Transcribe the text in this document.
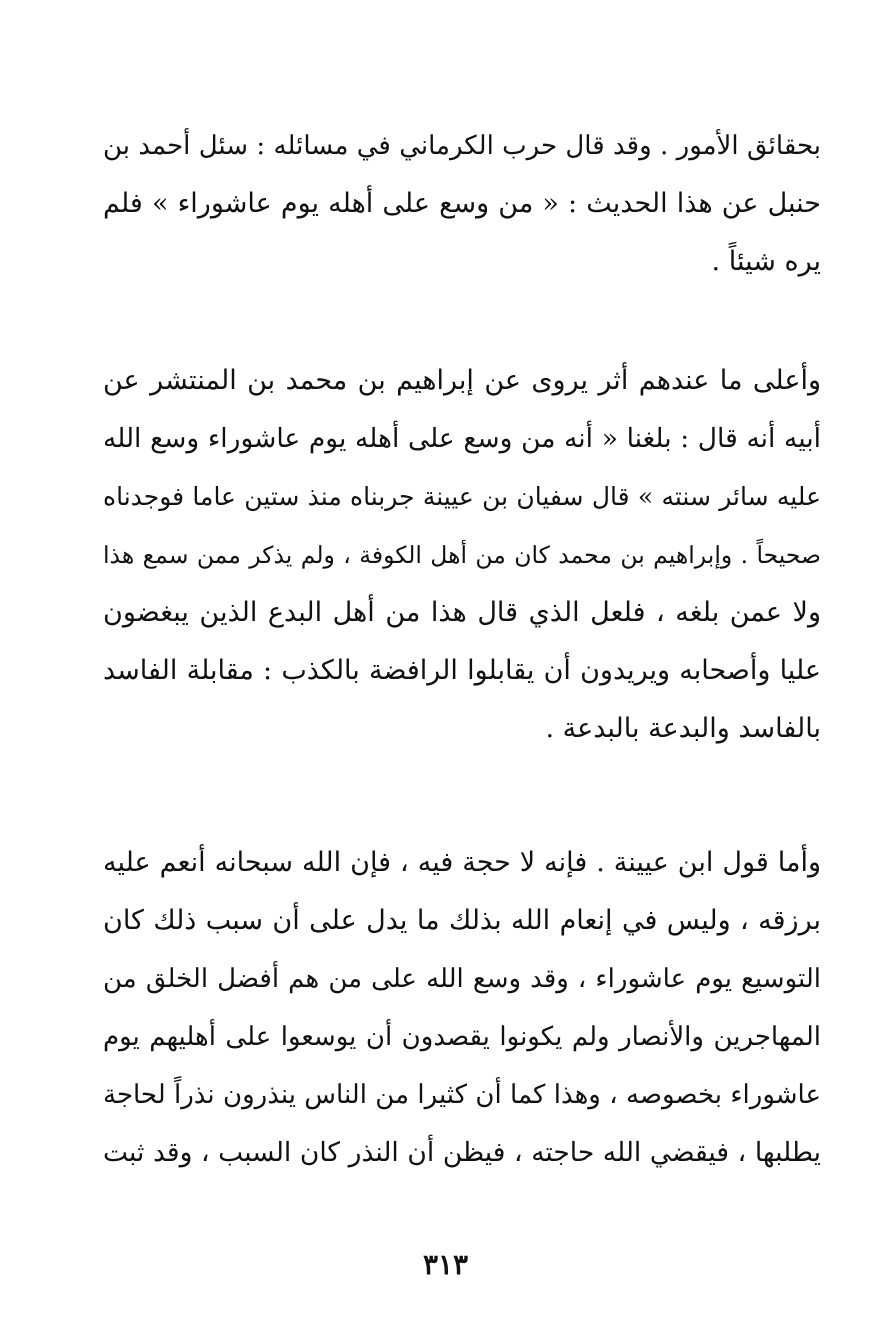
بحقائق الأمور . وقد قال حرب الكرماني في مسائله : سئل أحمد بن
حنبل عن هذا الحديث : « من وسع على أهله يوم عاشوراء » فلم
يره شيئاً .
وأعلى ما عندهم أثر يروى عن إبراهيم بن محمد بن المنتشر عن
أبيه أنه قال : بلغنا « أنه من وسع على أهله يوم عاشوراء وسع الله
عليه سائر سنته » قال سفيان بن عيينة جربناه منذ ستين عاما فوجدناه
صحيحاً . وإبراهيم بن محمد كان من أهل الكوفة ، ولم يذكر ممن سمع هذا
ولا عمن بلغه ، فلعل الذي قال هذا من أهل البدع الذين يبغضون
عليا وأصحابه ويريدون أن يقابلوا الرافضة بالكذب : مقابلة الفاسد
بالفاسد والبدعة بالبدعة .
وأما قول ابن عيينة . فإنه لا حجة فيه ، فإن الله سبحانه أنعم عليه
برزقه ، وليس في إنعام الله بذلك ما يدل على أن سبب ذلك كان
التوسيع يوم عاشوراء ، وقد وسع الله على من هم أفضل الخلق من
المهاجرين والأنصار ولم يكونوا يقصدون أن يوسعوا على أهليهم يوم
عاشوراء بخصوصه ، وهذا كما أن كثيرا من الناس ينذرون نذراً لحاجة
يطلبها ، فيقضي الله حاجته ، فيظن أن النذر كان السبب ، وقد ثبت
٣١٣
